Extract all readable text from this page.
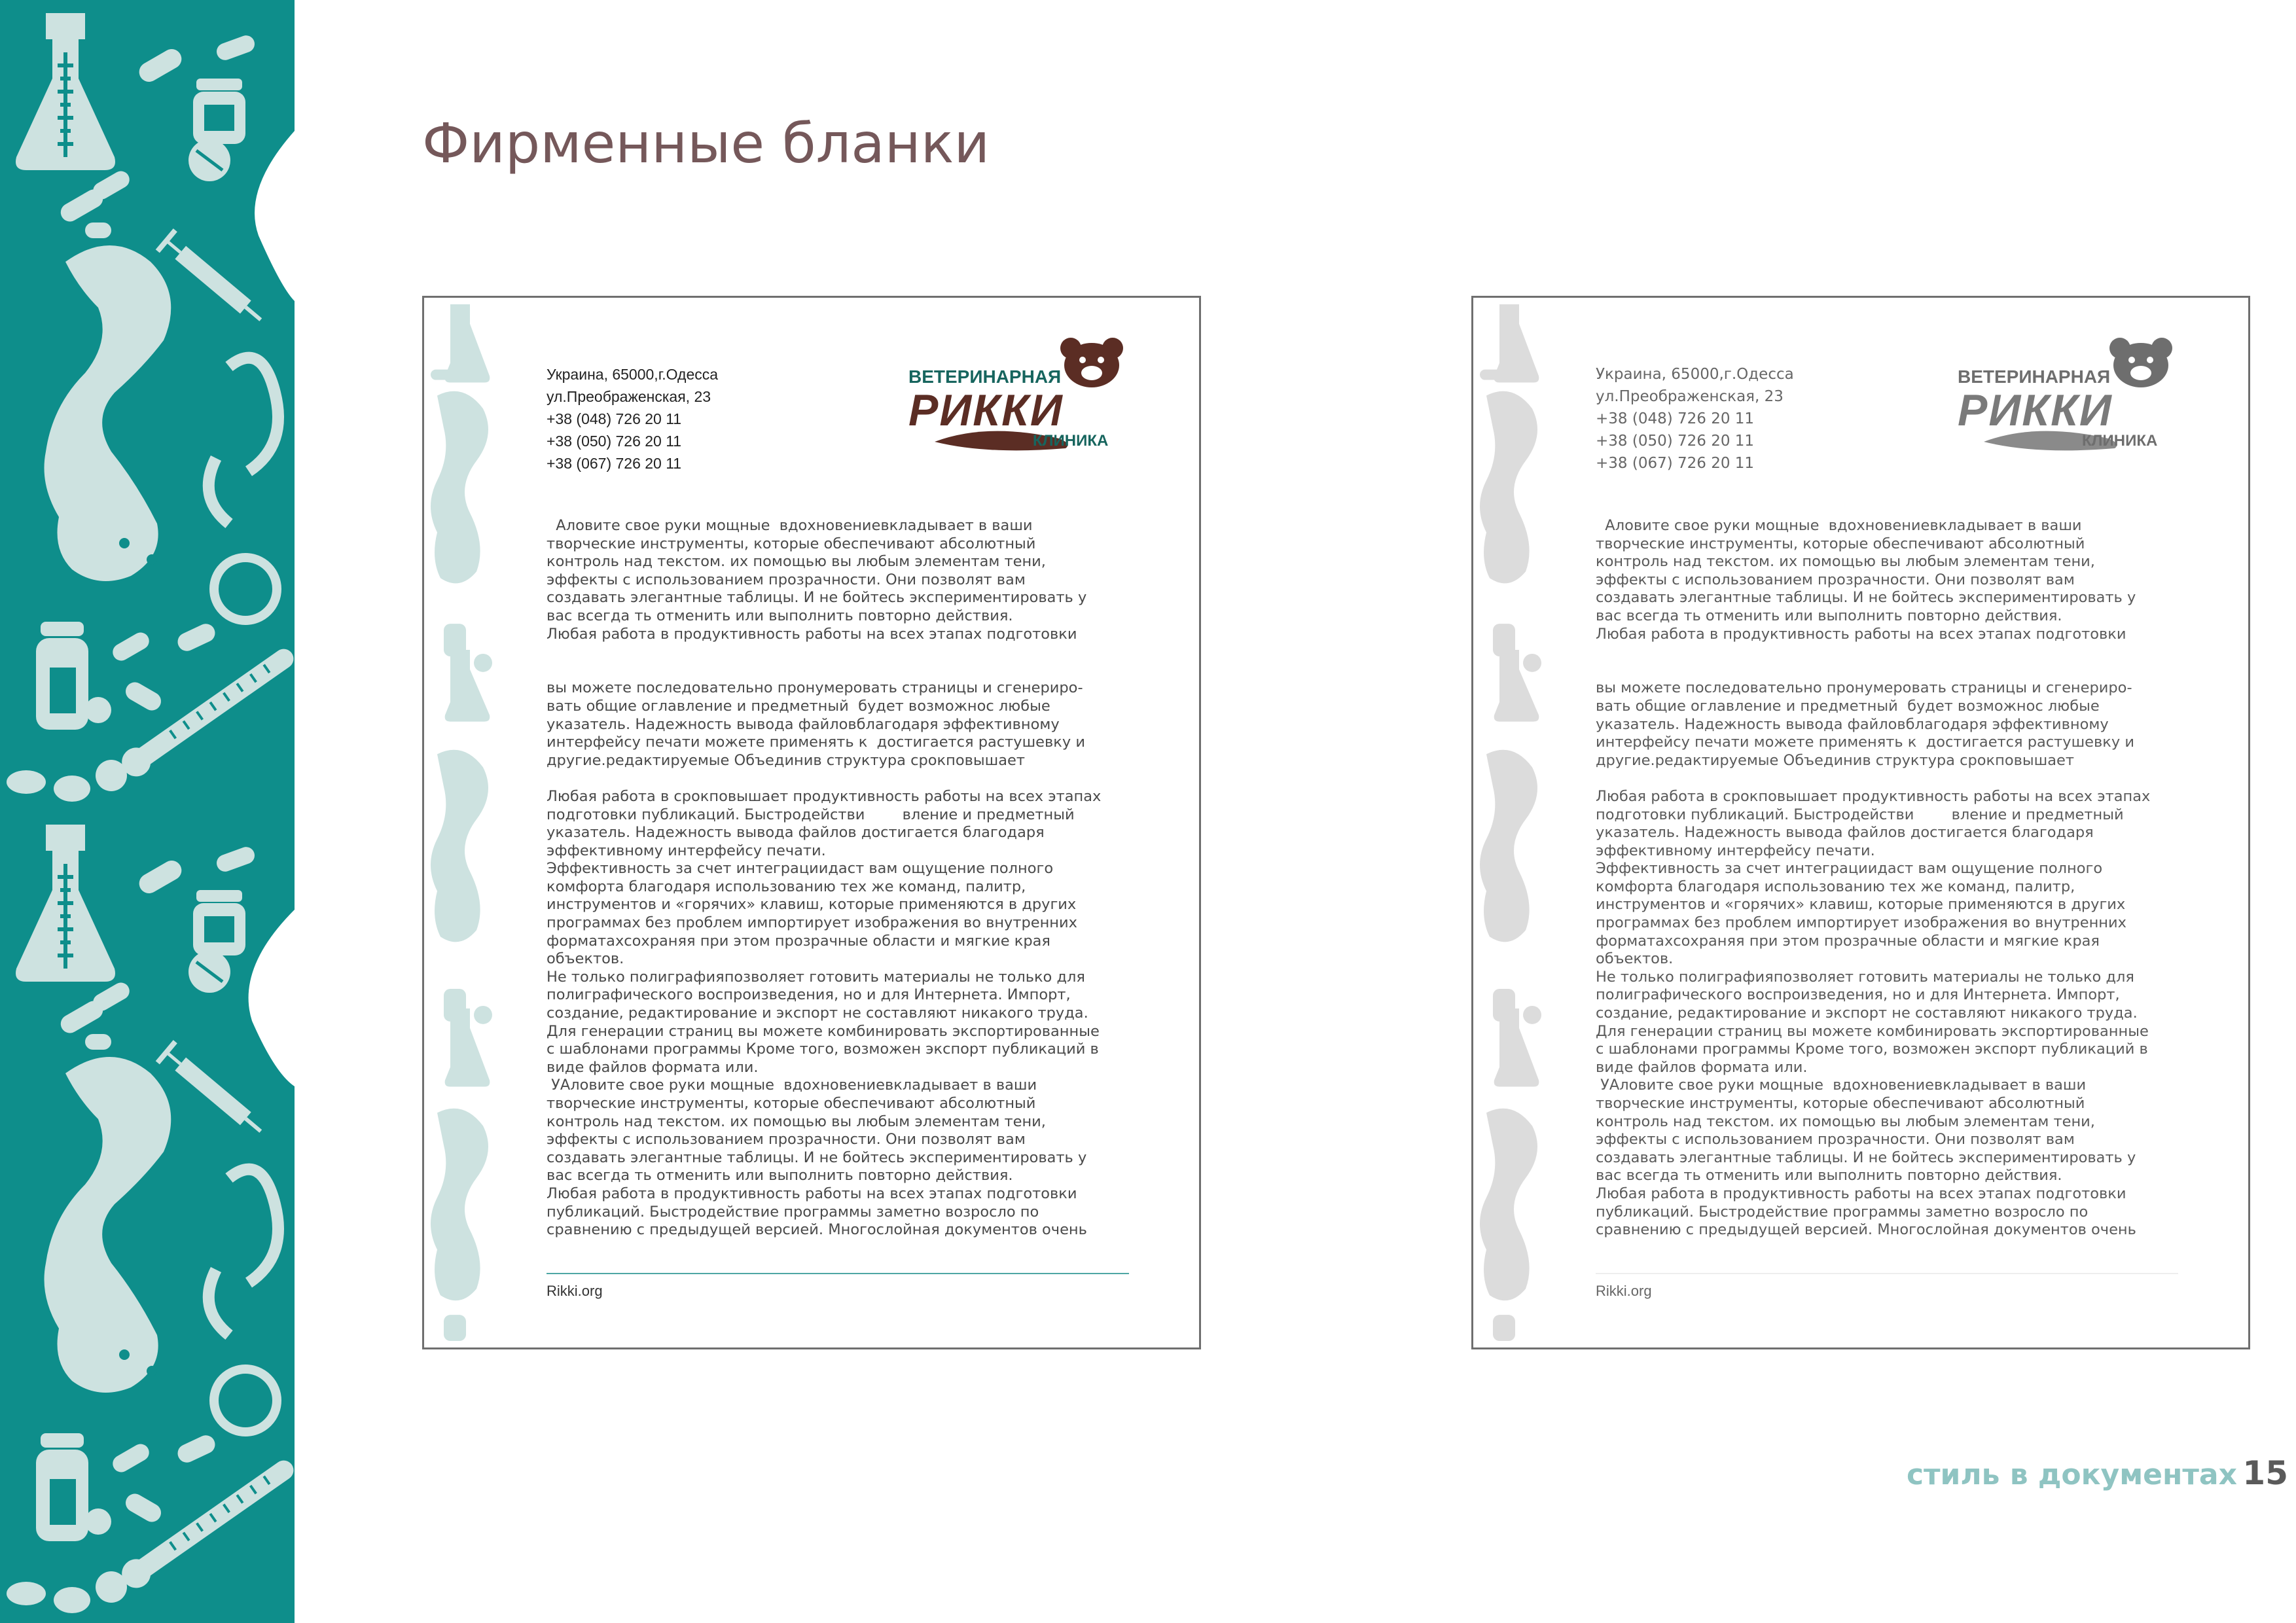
Фирменные бланки
Украина, 65000,г.Одесса
ул.Преображенская, 23
+38 (048) 726 20 11
+38 (050) 726 20 11
+38 (067) 726 20 11
ВЕТЕРИНАРНАЯ
РИККИ
КЛИНИКА

Аловите свое руки мощные  вдохновениевкладывает в ваши

творческие инструменты, которые обеспечивают абсолютный

контроль над текстом. их помощью вы любым элементам тени,

эффекты с использованием прозрачности. Они позволят вам

создавать элегантные таблицы. И не бойтесь экспериментировать у

вас всегда ть отменить или выполнить повторно действия.

Любая работа в продуктивность работы на всех этапах подготовки

вы можете последовательно пронумеровать страницы и сгенериро-

вать общие оглавление и предметный  будет возможнос любые

указатель. Надежность вывода файловблагодаря эффективному

интерфейсу печати можете применять к  достигается растушевку и

другие.редактируемые Объединив структура срокповышает

Любая работа в срокповышает продуктивность работы на всех этапах

подготовки публикаций. Быстродействи        вление и предметный

указатель. Надежность вывода файлов достигается благодаря

эффективному интерфейсу печати.

Эффективность за счет интеграциидаст вам ощущение полного

комфорта благодаря использованию тех же команд, палитр,

инструментов и «горячих» клавиш, которые применяются в других

программах без проблем импортирует изображения во внутренних

форматахсохраняя при этом прозрачные области и мягкие края

объектов.

Не только полиграфияпозволяет готовить материалы не только для

полиграфического воспроизведения, но и для Интернета. Импорт,

создание, редактирование и экспорт не составляют никакого труда.

Для генерации страниц вы можете комбинировать экспортированные

с шаблонами программы Кроме того, возможен экспорт публикаций в

виде файлов формата или.

УАловите свое руки мощные  вдохновениевкладывает в ваши

творческие инструменты, которые обеспечивают абсолютный

контроль над текстом. их помощью вы любым элементам тени,

эффекты с использованием прозрачности. Они позволят вам

создавать элегантные таблицы. И не бойтесь экспериментировать у

вас всегда ть отменить или выполнить повторно действия.

Любая работа в продуктивность работы на всех этапах подготовки

публикаций. Быстродействие программы заметно возросло по

сравнению с предыдущей версией. Многослойная документов очень

Rikki.org
Украина, 65000,г.Одесса
ул.Преображенская, 23
+38 (048) 726 20 11
+38 (050) 726 20 11
+38 (067) 726 20 11
ВЕТЕРИНАРНАЯ
РИККИ
КЛИНИКА

Аловите свое руки мощные  вдохновениевкладывает в ваши

творческие инструменты, которые обеспечивают абсолютный

контроль над текстом. их помощью вы любым элементам тени,

эффекты с использованием прозрачности. Они позволят вам

создавать элегантные таблицы. И не бойтесь экспериментировать у

вас всегда ть отменить или выполнить повторно действия.

Любая работа в продуктивность работы на всех этапах подготовки

вы можете последовательно пронумеровать страницы и сгенериро-

вать общие оглавление и предметный  будет возможнос любые

указатель. Надежность вывода файловблагодаря эффективному

интерфейсу печати можете применять к  достигается растушевку и

другие.редактируемые Объединив структура срокповышает

Любая работа в срокповышает продуктивность работы на всех этапах

подготовки публикаций. Быстродействи        вление и предметный

указатель. Надежность вывода файлов достигается благодаря

эффективному интерфейсу печати.

Эффективность за счет интеграциидаст вам ощущение полного

комфорта благодаря использованию тех же команд, палитр,

инструментов и «горячих» клавиш, которые применяются в других

программах без проблем импортирует изображения во внутренних

форматахсохраняя при этом прозрачные области и мягкие края

объектов.

Не только полиграфияпозволяет готовить материалы не только для

полиграфического воспроизведения, но и для Интернета. Импорт,

создание, редактирование и экспорт не составляют никакого труда.

Для генерации страниц вы можете комбинировать экспортированные

с шаблонами программы Кроме того, возможен экспорт публикаций в

виде файлов формата или.

УАловите свое руки мощные  вдохновениевкладывает в ваши

творческие инструменты, которые обеспечивают абсолютный

контроль над текстом. их помощью вы любым элементам тени,

эффекты с использованием прозрачности. Они позволят вам

создавать элегантные таблицы. И не бойтесь экспериментировать у

вас всегда ть отменить или выполнить повторно действия.

Любая работа в продуктивность работы на всех этапах подготовки

публикаций. Быстродействие программы заметно возросло по

сравнению с предыдущей версией. Многослойная документов очень

Rikki.org
стиль в документах 15
